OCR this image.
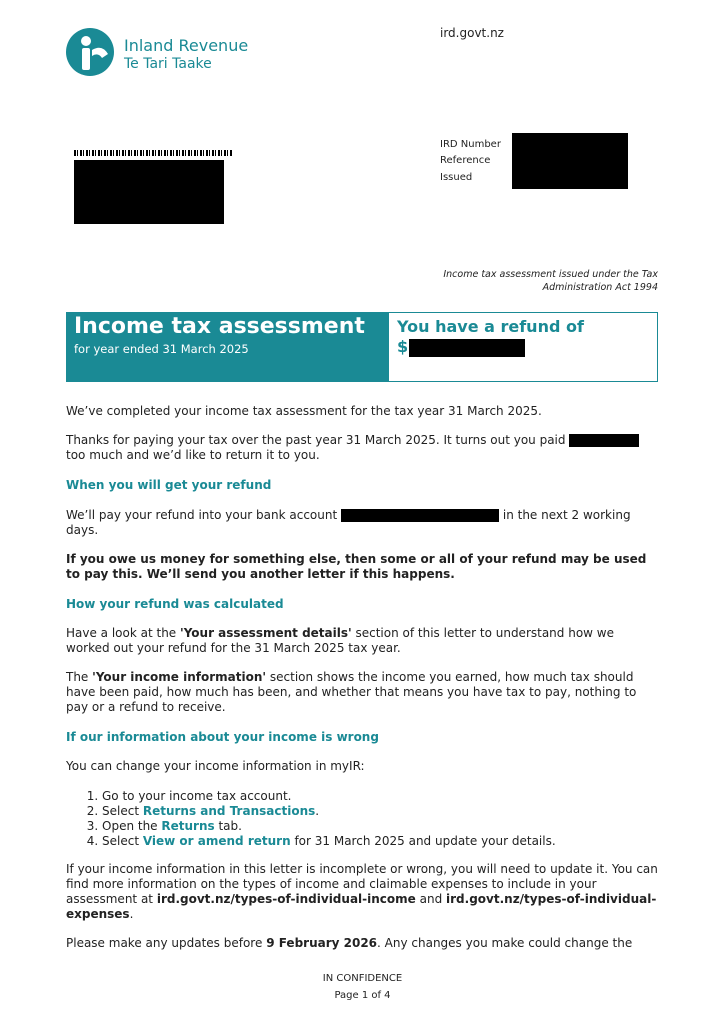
Inland Revenue
Te Tari Taake
ird.govt.nz
IRD Number
Reference
Issued
Income tax assessment issued under the Tax Administration Act 1994
Income tax assessment
for year ended 31 March 2025
You have a refund of
$
We’ve completed your income tax assessment for the tax year 31 March 2025.
Thanks for paying your tax over the past year 31 March 2025. It turns out you paid
too much and we’d like to return it to you.
When you will get your refund
We’ll pay your refund into your bank account	in the next 2 working
days.
If you owe us money for something else, then some or all of your refund may be used to pay this. We’ll send you another letter if this happens.
How your refund was calculated
Have a look at the 'Your assessment details' section of this letter to understand how we worked out your refund for the 31 March 2025 tax year.
The 'Your income information' section shows the income you earned, how much tax should have been paid, how much has been, and whether that means you have tax to pay, nothing to pay or a refund to receive.
If our information about your income is wrong
You can change your income information in myIR:
1. Go to your income tax account.
2. Select Returns and Transactions.
3. Open the Returns tab.
4. Select View or amend return for 31 March 2025 and update your details.
If your income information in this letter is incomplete or wrong, you will need to update it. You can find more information on the types of income and claimable expenses to include in your assessment at ird.govt.nz/types-of-individual-income and ird.govt.nz/types-of-individual-expenses.
Please make any updates before 9 February 2026. Any changes you make could change the
IN CONFIDENCE
Page 1 of 4
